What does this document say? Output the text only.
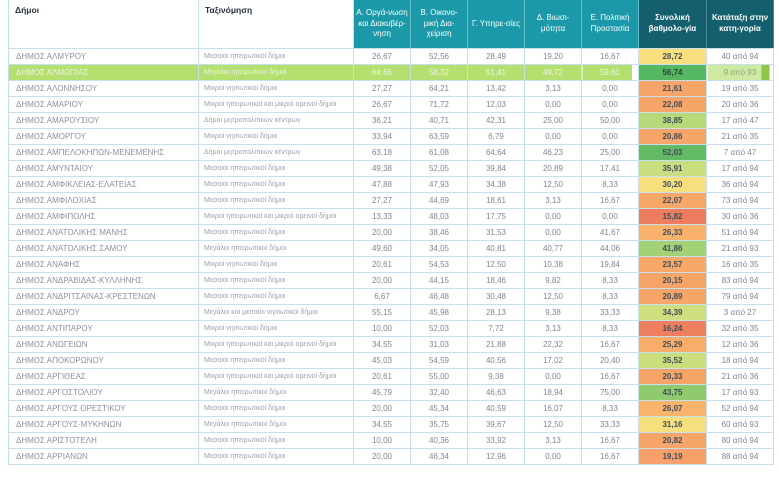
Δήμοι	Ταξινόμηση	Α. Οργά-νωση και Διακυβέρ-νηση	Β. Οικονο-μική Δια-χείριση	Γ. Υπηρε-σίες	Δ. Βιωσι-μότητα	Ε. Πολιτική Προστασία	Συνολική βαθμολο-γία	Κατάταξη στην κατη-γορία
ΔΗΜΟΣ ΑΛΜΥΡΟΥ	Μεσαίοι ηπειρωτικοί δήμοι	26,67	52,56	28,49	19,20	16,67	28,72	40 από 94
ΔΗΜΟΣ ΑΛΜΩΠΙΑΣ	Μεγάλοι ηπειρωτικοί δήμοι	64,66	58,32	51,41	49,72	59,61	56,74	9 από 93
ΔΗΜΟΣ ΑΛΟΝΝΗΣΟΥ	Μικροί νησιωτικοί δήμοι	27,27	64,21	13,42	3,13	0,00	21,61	19 από 35
ΔΗΜΟΣ ΑΜΑΡΙΟΥ	Μικροί ηπειρωτικοί και μικροί ορεινοί δήμοι	26,67	71,72	12,03	0,00	0,00	22,08	20 από 36
ΔΗΜΟΣ ΑΜΑΡΟΥΣΙΟΥ	Δήμοι μητροπολιτικών κέντρων	36,21	40,71	42,31	25,00	50,00	38,85	17 από 47
ΔΗΜΟΣ ΑΜΟΡΓΟΥ	Μικροί νησιωτικοί δήμοι	33,94	63,59	6,79	0,00	0,00	20,86	21 από 35
ΔΗΜΟΣ ΑΜΠΕΛΟΚΗΠΩΝ-ΜΕΝΕΜΕΝΗΣ	Δήμοι μητροπολιτικών κέντρων	63,18	61,08	64,64	46,23	25,00	52,03	7 από 47
ΔΗΜΟΣ ΑΜΥΝΤΑΙΟΥ	Μεσαίοι ηπειρωτικοί δήμοι	49,38	52,05	39,84	20,89	17,41	35,91	17 από 94
ΔΗΜΟΣ ΑΜΦΙΚΛΕΙΑΣ-ΕΛΑΤΕΙΑΣ	Μεσαίοι ηπειρωτικοί δήμοι	47,88	47,93	34,38	12,50	8,33	30,20	36 από 94
ΔΗΜΟΣ ΑΜΦΙΛΟΧΙΑΣ	Μεσαίοι ηπειρωτικοί δήμοι	27,27	44,69	18,61	3,13	16,67	22,07	73 από 94
ΔΗΜΟΣ ΑΜΦΙΠΟΛΗΣ	Μικροί ηπειρωτικοί και μικροί ορεινοί δήμοι	13,33	48,03	17,75	0,00	0,00	15,82	30 από 36
ΔΗΜΟΣ ΑΝΑΤΟΛΙΚΗΣ ΜΑΝΗΣ	Μεσαίοι ηπειρωτικοί δήμοι	20,00	38,46	31,53	0,00	41,67	26,33	51 από 94
ΔΗΜΟΣ ΑΝΑΤΟΛΙΚΗΣ ΣΑΜΟΥ	Μεγάλοι ηπειρωτικοί δήμοι	49,60	34,05	40,81	40,77	44,06	41,86	21 από 93
ΔΗΜΟΣ ΑΝΑΦΗΣ	Μικροί νησιωτικοί δήμοι	20,61	54,53	12,50	10,38	19,84	23,57	16 από 35
ΔΗΜΟΣ ΑΝΔΡΑΒΙΔΑΣ-ΚΥΛΛΗΝΗΣ	Μεσαίοι ηπειρωτικοί δήμοι	20,00	44,15	18,46	9,82	8,33	20,15	83 από 94
ΔΗΜΟΣ ΑΝΔΡΙΤΣΑΙΝΑΣ-ΚΡΕΣΤΕΝΩΝ	Μεσαίοι ηπειρωτικοί δήμοι	6,67	46,48	30,48	12,50	8,33	20,89	79 από 94
ΔΗΜΟΣ ΑΝΔΡΟΥ	Μεγάλοι και μεσαίοι νησιωτικοί δήμοι	55,15	45,98	28,13	9,38	33,33	34,39	3 από 27
ΔΗΜΟΣ ΑΝΤΙΠΑΡΟΥ	Μικροί νησιωτικοί δήμοι	10,00	52,03	7,72	3,13	8,33	16,24	32 από 35
ΔΗΜΟΣ ΑΝΩΓΕΙΩΝ	Μικροί ηπειρωτικοί και μικροί ορεινοί δήμοι	34,55	31,03	21,88	22,32	16,67	25,29	12 από 36
ΔΗΜΟΣ ΑΠΟΚΟΡΩΝΟΥ	Μεσαίοι ηπειρωτικοί δήμοι	45,03	54,59	40,56	17,02	20,40	35,52	18 από 94
ΔΗΜΟΣ ΑΡΓΙΘΕΑΣ	Μικροί ηπειρωτικοί και μικροί ορεινοί δήμοι	20,61	55,00	9,38	0,00	16,67	20,33	21 από 36
ΔΗΜΟΣ ΑΡΓΟΣΤΟΛΙΟΥ	Μεγάλοι ηπειρωτικοί δήμοι	45,79	32,40	46,63	18,94	75,00	43,75	17 από 93
ΔΗΜΟΣ ΑΡΓΟΥΣ ΟΡΕΣΤΙΚΟΥ	Μεσαίοι ηπειρωτικοί δήμοι	20,00	45,34	40,59	16,07	8,33	26,07	52 από 94
ΔΗΜΟΣ ΑΡΓΟΥΣ-ΜΥΚΗΝΩΝ	Μεγάλοι ηπειρωτικοί δήμοι	34,55	35,75	39,67	12,50	33,33	31,16	60 από 93
ΔΗΜΟΣ ΑΡΙΣΤΟΤΕΛΗ	Μεσαίοι ηπειρωτικοί δήμοι	10,00	40,36	33,92	3,13	16,67	20,82	80 από 94
ΔΗΜΟΣ ΑΡΡΙΑΝΩΝ	Μεσαίοι ηπειρωτικοί δήμοι	20,00	46,34	12,96	0,00	16,67	19,19	88 από 94
